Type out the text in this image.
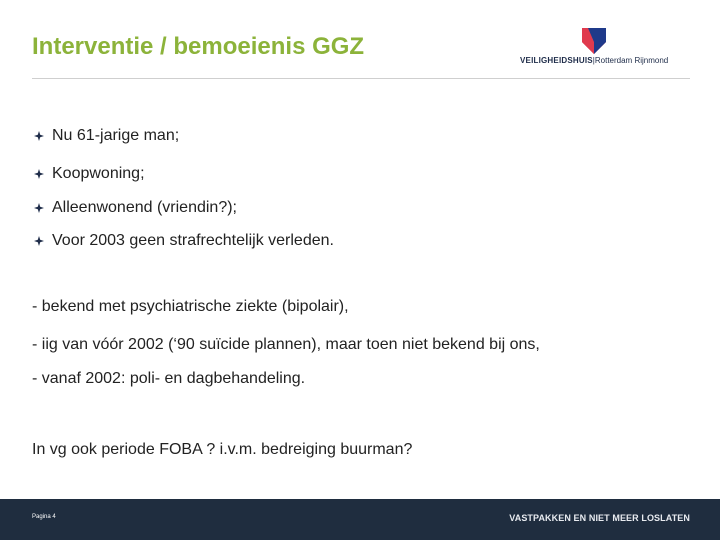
Interventie / bemoeienis GGZ
VEILIGHEIDSHUIS|Rotterdam Rijnmond
Nu 61-jarige man;
Koopwoning;
Alleenwonend (vriendin?);
Voor 2003 geen strafrechtelijk verleden.
- bekend met psychiatrische ziekte (bipolair),
- iig van vóór 2002 (‘90 suïcide plannen), maar toen niet bekend bij ons,
- vanaf 2002: poli- en dagbehandeling.
In vg ook periode FOBA ? i.v.m. bedreiging buurman?
Pagina 4	VASTPAKKEN EN NIET MEER LOSLATEN
